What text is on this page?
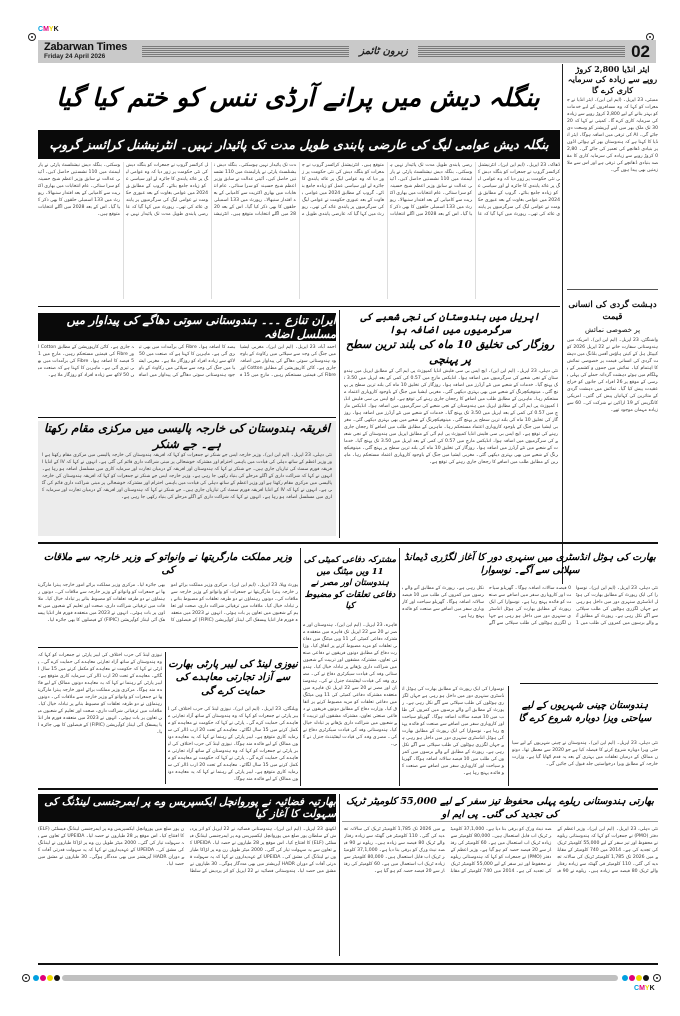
CMYK
Zabarwan Times
Friday 24 April 2026	زبرون ٹائمز	02
ایئر انڈیا 2,800 کروڑ روپے سے زیادہ کی سرمایہ کاری کرے گا
ممبئی، 23 اپریل۔ (ایم این این)۔ ایئر انڈیا نے جمعرات کو کہا کہ وہ مسافروں کے لیے خدمات کو بہتر بنانے کے لیے 2,800 کروڑ روپے سے زیادہ کی سرمایہ کاری کرے گا۔ کمپنی نے کہا کہ 2030 تک ملک بھر میں اپنے آپریشنز کو وسعت دی جائے گی۔ AI کی ترقی میں اضافہ ہوگا۔ ایئر انڈیا کا کہنا ہے کہ ہندوستان بھر کے ہوائی اڈوں پر بنیادی ڈھانچے کی تعمیر کی جائے گی۔ 2,800 کروڑ روپے سے زیادہ کی سرمایہ کاری کا مقصد بنیادی ڈھانچے کی ترقی ہے اور اس سے ملازمتیں بھی پیدا ہوں گی۔
دہشت گردی کی انسانی قیمت
پر خصوصی نمائش
واشنگٹن، 23 اپریل۔ (ایم این این)۔ امریکہ میں ہندوستانی سفارت خانے نے 22 اپریل 2026 کو کیپیٹل ہل کے کینن ہاؤس آفس بلڈنگ میں دہشت گردی کی انسانی قیمت پر خصوصی نمائش کا اہتمام کیا۔ نمائش میں جموں و کشمیر کے پہلگام میں ہوئے دہشت گردانہ حملے کی پہلی برسی کے موقع پر 26 افراد کی جانوں کو خراج عقیدت پیش کیا گیا۔ نمائش میں دہشت گردی کے متاثرین کی کہانیاں پیش کی گئیں۔ امریکی کانگریس کے 19 اراکین نے شرکت کی۔ 60 سے زیادہ مہمان موجود تھے۔
بنگلہ دیش میں پرانے آرڈی ننس کو ختم کیا گیا
بنگلہ دیش عوامی لیگ کی عارضی پابندی طویل مدت تک پائیدار نہیں۔ انٹرنیشنل کرائسز گروپ
ڈھاکہ، 23 اپریل۔ (ایم این این)۔ انٹرنیشنل کرائسز گروپ نے جمعرات کو بنگلہ دیش کی نئی حکومت پر زور دیا کہ وہ عوامی لیگ پر عائد پابندی کا جائزہ لے اور سیاسی عمل کو زیادہ جامع بنائے۔ گروپ کے مطابق 2024 میں عوامی بغاوت کے بعد عبوری حکومت نے عوامی لیگ کی سرگرمیوں پر پابندی عائد کی تھی۔ رپورٹ میں کہا گیا کہ عارضی پابندی طویل مدت تک پائیدار نہیں ہوسکتی۔ بنگلہ دیش نیشنلسٹ پارٹی نے پارلیمنٹ میں 110 نشستیں حاصل کیں۔ آئینی عدالت نے سابق وزیر اعظم شیخ حسینہ کو سزا سنائی۔ عام انتخابات میں بھاری اکثریت سے کامیابی کے بعد اقتدار سنبھالا۔ رپورٹ میں 133 اسمبلی حلقوں کا بھی ذکر کیا گیا۔ اس کے بعد 2028 میں اگلے انتخابات متوقع ہیں۔ انٹرنیشنل کرائسز گروپ نے جمعرات کو بنگلہ دیش کی نئی حکومت پر زور دیا کہ وہ عوامی لیگ پر عائد پابندی کا جائزہ لے اور سیاسی عمل کو زیادہ جامع بنائے۔ گروپ کے مطابق 2024 میں عوامی بغاوت کے بعد عبوری حکومت نے عوامی لیگ کی سرگرمیوں پر پابندی عائد کی تھی۔ رپورٹ میں کہا گیا کہ عارضی پابندی طویل مدت تک پائیدار نہیں ہوسکتی۔ بنگلہ دیش نیشنلسٹ پارٹی نے پارلیمنٹ میں 110 نشستیں حاصل کیں۔ آئینی عدالت نے سابق وزیر اعظم شیخ حسینہ کو سزا سنائی۔ عام انتخابات میں بھاری اکثریت سے کامیابی کے بعد اقتدار سنبھالا۔ رپورٹ میں 133 اسمبلی حلقوں کا بھی ذکر کیا گیا۔ اس کے بعد 2028 میں اگلے انتخابات متوقع ہیں۔ انٹرنیشنل کرائسز گروپ نے جمعرات کو بنگلہ دیش کی نئی حکومت پر زور دیا کہ وہ عوامی لیگ پر عائد پابندی کا جائزہ لے اور سیاسی عمل کو زیادہ جامع بنائے۔ گروپ کے مطابق 2024 میں عوامی بغاوت کے بعد عبوری حکومت نے عوامی لیگ کی سرگرمیوں پر پابندی عائد کی تھی۔ رپورٹ میں کہا گیا کہ عارضی پابندی طویل مدت تک پائیدار نہیں ہوسکتی۔ بنگلہ دیش نیشنلسٹ پارٹی نے پارلیمنٹ میں 110 نشستیں حاصل کیں۔ آئینی عدالت نے سابق وزیر اعظم شیخ حسینہ کو سزا سنائی۔ عام انتخابات میں بھاری اکثریت سے کامیابی کے بعد اقتدار سنبھالا۔ رپورٹ میں 133 اسمبلی حلقوں کا بھی ذکر کیا گیا۔ اس کے بعد 2028 میں اگلے انتخابات متوقع ہیں۔
ایران تنازع ۔۔۔ ہندوستانی سوتی دھاگے کی پیداوار میں مسلسل اضافہ
احمد آباد، 23 اپریل۔ (ایم این این)۔ مغربی ایشیا میں جنگ کی وجہ سے سپلائی میں رکاوٹ کے باوجود ہندوستانی سوتی دھاگے کی پیداوار میں اضافہ جاری ہے۔ کاٹن کارپوریشن کے مطابق Cotton اور Fibre کی قیمتیں مستحکم رہیں۔ مارچ میں 15 فیصد کا اضافہ ہوا۔ Fibre کی برآمدات میں بھی تیزی آئی ہے۔ ماہرین کا کہنا ہے کہ صنعت میں 50 لاکھ سے زیادہ افراد کو روزگار ملا ہے۔ مغربی ایشیا میں جنگ کی وجہ سے سپلائی میں رکاوٹ کے باوجود ہندوستانی سوتی دھاگے کی پیداوار میں اضافہ جاری ہے۔ کاٹن کارپوریشن کے مطابق Cotton اور Fibre کی قیمتیں مستحکم رہیں۔ مارچ میں 15 فیصد کا اضافہ ہوا۔ Fibre کی برآمدات میں بھی تیزی آئی ہے۔ ماہرین کا کہنا ہے کہ صنعت میں 50 لاکھ سے زیادہ افراد کو روزگار ملا ہے۔
افریقہ ہندوستان کی خارجہ پالیسی میں مرکزی مقام رکھتا ہے۔ جے شنکر
نئی دہلی، 23 اپریل۔ (ایم این این)۔ وزیر خارجہ ایس جے شنکر نے جمعرات کو کہا کہ افریقہ ہندوستان کی خارجہ پالیسی میں مرکزی مقام رکھتا ہے اور وزیر اعظم کے ساتھ دہلی کی قیادت میں باہمی احترام اور مشترکہ خوشحالی پر مبنی شراکت داری قائم کی گئی ہے۔ انہوں نے کہا کہ IV کے انڈیا افریقہ فورم سمٹ کی تیاریاں جاری ہیں۔ جے شنکر نے کہا کہ ہندوستان اور افریقہ کے درمیان تجارت اور سرمایہ کاری میں مسلسل اضافہ ہو رہا ہے۔ انہوں نے کہا کہ شراکت داری کے اگلے مرحلے کی بنیاد رکھی جا رہی ہے۔ وزیر خارجہ ایس جے شنکر نے جمعرات کو کہا کہ افریقہ ہندوستان کی خارجہ پالیسی میں مرکزی مقام رکھتا ہے اور وزیر اعظم کے ساتھ دہلی کی قیادت میں باہمی احترام اور مشترکہ خوشحالی پر مبنی شراکت داری قائم کی گئی ہے۔ انہوں نے کہا کہ IV کے انڈیا افریقہ فورم سمٹ کی تیاریاں جاری ہیں۔ جے شنکر نے کہا کہ ہندوستان اور افریقہ کے درمیان تجارت اور سرمایہ کاری میں مسلسل اضافہ ہو رہا ہے۔ انہوں نے کہا کہ شراکت داری کے اگلے مرحلے کی بنیاد رکھی جا رہی ہے۔
اپریل میں ہندوستان کی نجی شعبے کی سرگرمیوں میں اضافہ ہوا
روزگار کی تخلیق 10 ماہ کی بلند ترین سطح پر پہنچی
نئی دہلی، 23 اپریل۔ (ایم این این)۔ ایچ ایس بی سی فلیش انڈیا کمپوزٹ پی ایم آئی کے مطابق اپریل میں ہندوستان کے نجی شعبے کی سرگرمیوں میں اضافہ ہوا۔ انڈیکس مارچ میں 0.57 کی کمی کے بعد اپریل میں 3.50 تک پہنچ گیا۔ خدمات کے شعبے میں نئے آرڈرز میں اضافہ ہوا۔ روزگار کی تخلیق 10 ماہ کی بلند ترین سطح پر پہنچ گئی۔ مینوفیکچرنگ کے شعبے میں بھی بہتری دیکھی گئی۔ مغربی ایشیا میں جنگ کے باوجود کاروباری اعتماد مستحکم رہا۔ ماہرین کے مطابق طلب میں اضافے کا رجحان جاری رہنے کی توقع ہے۔ ایچ ایس بی سی فلیش انڈیا کمپوزٹ پی ایم آئی کے مطابق اپریل میں ہندوستان کے نجی شعبے کی سرگرمیوں میں اضافہ ہوا۔ انڈیکس مارچ میں 0.57 کی کمی کے بعد اپریل میں 3.50 تک پہنچ گیا۔ خدمات کے شعبے میں نئے آرڈرز میں اضافہ ہوا۔ روزگار کی تخلیق 10 ماہ کی بلند ترین سطح پر پہنچ گئی۔ مینوفیکچرنگ کے شعبے میں بھی بہتری دیکھی گئی۔ مغربی ایشیا میں جنگ کے باوجود کاروباری اعتماد مستحکم رہا۔ ماہرین کے مطابق طلب میں اضافے کا رجحان جاری رہنے کی توقع ہے۔ ایچ ایس بی سی فلیش انڈیا کمپوزٹ پی ایم آئی کے مطابق اپریل میں ہندوستان کے نجی شعبے کی سرگرمیوں میں اضافہ ہوا۔ انڈیکس مارچ میں 0.57 کی کمی کے بعد اپریل میں 3.50 تک پہنچ گیا۔ خدمات کے شعبے میں نئے آرڈرز میں اضافہ ہوا۔ روزگار کی تخلیق 10 ماہ کی بلند ترین سطح پر پہنچ گئی۔ مینوفیکچرنگ کے شعبے میں بھی بہتری دیکھی گئی۔ مغربی ایشیا میں جنگ کے باوجود کاروباری اعتماد مستحکم رہا۔ ماہرین کے مطابق طلب میں اضافے کا رجحان جاری رہنے کی توقع ہے۔
بھارت کی ہوٹل انڈسٹری میں سنہری دور کا آغاز لگژری ڈیمانڈ سپلائی سے آگے۔ نوسوارا
نئی دہلی، 23 اپریل۔ (ایم این این)۔ نوسوارا کی ایک رپورٹ کے مطابق بھارت کی ہوٹل انڈسٹری سنہری دور میں داخل ہو رہی ہے جہاں لگژری ہوٹلوں کی طلب سپلائی سے آگے نکل رہی ہے۔ رپورٹ کے مطابق آنے والے برسوں میں کمروں کی طلب میں 10 فیصد سالانہ اضافہ ہوگا۔ گھریلو سیاحت اور کاروباری سفر میں اضافے سے صنعت کو فائدہ پہنچ رہا ہے۔ نوسوارا کی ایک رپورٹ کے مطابق بھارت کی ہوٹل انڈسٹری سنہری دور میں داخل ہو رہی ہے جہاں لگژری ہوٹلوں کی طلب سپلائی سے آگے نکل رہی ہے۔ رپورٹ کے مطابق آنے والے برسوں میں کمروں کی طلب میں 10 فیصد سالانہ اضافہ ہوگا۔ گھریلو سیاحت اور کاروباری سفر میں اضافے سے صنعت کو فائدہ پہنچ رہا ہے۔
ہندوستان چینی شہریوں کے لیے سیاحتی ویزا دوبارہ شروع کرے گا
نئی دہلی، 23 اپریل۔ (ایم این این)۔ ہندوستان نے چینی شہریوں کے لیے سیاحتی ویزا دوبارہ شروع کرنے کا فیصلہ کیا ہے جو 2020 سے معطل تھا۔ دونوں ممالک کے درمیان تعلقات میں بہتری کے بعد یہ قدم اٹھایا گیا ہے۔ وزارت خارجہ کے مطابق ویزا درخواستیں جلد قبول کی جائیں گی۔
نوسوارا کی ایک رپورٹ کے مطابق بھارت کی ہوٹل انڈسٹری سنہری دور میں داخل ہو رہی ہے جہاں لگژری ہوٹلوں کی طلب سپلائی سے آگے نکل رہی ہے۔ رپورٹ کے مطابق آنے والے برسوں میں کمروں کی طلب میں 10 فیصد سالانہ اضافہ ہوگا۔ گھریلو سیاحت اور کاروباری سفر میں اضافے سے صنعت کو فائدہ پہنچ رہا ہے۔ نوسوارا کی ایک رپورٹ کے مطابق بھارت کی ہوٹل انڈسٹری سنہری دور میں داخل ہو رہی ہے جہاں لگژری ہوٹلوں کی طلب سپلائی سے آگے نکل رہی ہے۔ رپورٹ کے مطابق آنے والے برسوں میں کمروں کی طلب میں 10 فیصد سالانہ اضافہ ہوگا۔ گھریلو سیاحت اور کاروباری سفر میں اضافے سے صنعت کو فائدہ پہنچ رہا ہے۔
مشترکہ دفاعی کمیٹی کی 11 ویں میٹنگ میں ہندوستان اور مصر نے دفاعی تعلقات کو مضبوط کیا
قاہرہ، 23 اپریل۔ (ایم این این)۔ ہندوستان اور مصر نے 20 سے 22 اپریل تک قاہرہ میں منعقدہ مشترکہ دفاعی کمیٹی کی 11 ویں میٹنگ میں دفاعی تعلقات کو مزید مضبوط کرنے پر اتفاق کیا۔ وزارت دفاع کے مطابق دونوں فریقوں نے دفاعی صنعتی تعاون، مشترکہ مشقوں اور تربیت کے شعبوں میں شراکت داری بڑھانے پر تبادلہ خیال کیا۔ ہندوستانی وفد کی قیادت سیکرٹری دفاع نے کی۔ مصری وفد کی قیادت لیفٹیننٹ جنرل نے کی۔ ہندوستان اور مصر نے 20 سے 22 اپریل تک قاہرہ میں منعقدہ مشترکہ دفاعی کمیٹی کی 11 ویں میٹنگ میں دفاعی تعلقات کو مزید مضبوط کرنے پر اتفاق کیا۔ وزارت دفاع کے مطابق دونوں فریقوں نے دفاعی صنعتی تعاون، مشترکہ مشقوں اور تربیت کے شعبوں میں شراکت داری بڑھانے پر تبادلہ خیال کیا۔ ہندوستانی وفد کی قیادت سیکرٹری دفاع نے کی۔ مصری وفد کی قیادت لیفٹیننٹ جنرل نے کی۔
وزیر مملکت مارگریتھا نے وانواتو کے وزیر خارجہ سے ملاقات کی
پورٹ ویلا، 23 اپریل۔ (ایم این این)۔ مرکزی وزیر مملکت برائے امور خارجہ پبترا مارگریتھا نے جمعرات کو وانواتو کے وزیر خارجہ سے ملاقات کی۔ دونوں رہنماؤں نے دو طرفہ تعلقات کو مضبوط بنانے پر تبادلہ خیال کیا۔ ملاقات میں ترقیاتی شراکت داری، صحت اور تعلیم کے شعبوں میں تعاون پر بات ہوئی۔ انہوں نے 2023 میں منعقدہ فورم فار انڈیا پیسفک آئی لینڈز کوآپریشن (FIPIC) کے فیصلوں کا بھی جائزہ لیا۔ مرکزی وزیر مملکت برائے امور خارجہ پبترا مارگریتھا نے جمعرات کو وانواتو کے وزیر خارجہ سے ملاقات کی۔ دونوں رہنماؤں نے دو طرفہ تعلقات کو مضبوط بنانے پر تبادلہ خیال کیا۔ ملاقات میں ترقیاتی شراکت داری، صحت اور تعلیم کے شعبوں میں تعاون پر بات ہوئی۔ انہوں نے 2023 میں منعقدہ فورم فار انڈیا پیسفک آئی لینڈز کوآپریشن (FIPIC) کے فیصلوں کا بھی جائزہ لیا۔
نیوزی لینڈ کی لیبر پارٹی بھارت سے آزاد تجارتی معاہدے کی حمایت کرے گی
ویلنگٹن، 23 اپریل۔ (ایم این این)۔ نیوزی لینڈ کی حزب اختلاف کی لیبر پارٹی نے جمعرات کو کہا کہ وہ ہندوستان کے ساتھ آزاد تجارتی معاہدے کی حمایت کرے گی۔ پارٹی نے کہا کہ حکومت نے معاہدے کو مکمل کرنے میں 15 سال لگائے۔ معاہدے کے تحت 20 ارب ڈالر کی سرمایہ کاری متوقع ہے۔ لیبر پارٹی کے رہنما نے کہا کہ یہ معاہدہ دونوں ممالک کے لیے فائدہ مند ہوگا۔ نیوزی لینڈ کی حزب اختلاف کی لیبر پارٹی نے جمعرات کو کہا کہ وہ ہندوستان کے ساتھ آزاد تجارتی معاہدے کی حمایت کرے گی۔ پارٹی نے کہا کہ حکومت نے معاہدے کو مکمل کرنے میں 15 سال لگائے۔ معاہدے کے تحت 20 ارب ڈالر کی سرمایہ کاری متوقع ہے۔ لیبر پارٹی کے رہنما نے کہا کہ یہ معاہدہ دونوں ممالک کے لیے فائدہ مند ہوگا۔
نیوزی لینڈ کی حزب اختلاف کی لیبر پارٹی نے جمعرات کو کہا کہ وہ ہندوستان کے ساتھ آزاد تجارتی معاہدے کی حمایت کرے گی۔ پارٹی نے کہا کہ حکومت نے معاہدے کو مکمل کرنے میں 15 سال لگائے۔ معاہدے کے تحت 20 ارب ڈالر کی سرمایہ کاری متوقع ہے۔ لیبر پارٹی کے رہنما نے کہا کہ یہ معاہدہ دونوں ممالک کے لیے فائدہ مند ہوگا۔ مرکزی وزیر مملکت برائے امور خارجہ پبترا مارگریتھا نے جمعرات کو وانواتو کے وزیر خارجہ سے ملاقات کی۔ دونوں رہنماؤں نے دو طرفہ تعلقات کو مضبوط بنانے پر تبادلہ خیال کیا۔ ملاقات میں ترقیاتی شراکت داری، صحت اور تعلیم کے شعبوں میں تعاون پر بات ہوئی۔ انہوں نے 2023 میں منعقدہ فورم فار انڈیا پیسفک آئی لینڈز کوآپریشن (FIPIC) کے فیصلوں کا بھی جائزہ لیا۔
بھارتیہ فضائیہ نے پوروانچل ایکسپریس وے پر ایمرجنسی لینڈنگ کی سہولت کا آغاز کیا
لکھنؤ، 23 اپریل۔ (ایم این این)۔ ہندوستانی فضائیہ نے 22 اپریل کو اتر پردیش کے سلطان پور ضلع میں پوروانچل ایکسپریس وے پر ایمرجنسی لینڈنگ فیسلٹی (ELF) کا افتتاح کیا۔ اس موقع پر 28 طیاروں نے حصہ لیا۔ UPEIDA کے تعاون سے یہ سہولت تیار کی گئی۔ 2000 میٹر طویل رن وے پر لڑاکا طیاروں نے لینڈنگ کی مشق کی۔ UPEIDA کے عہدیداروں نے کہا کہ یہ سہولت قدرتی آفات کے دوران HADR آپریشنز میں بھی مددگار ہوگی۔ 30 طیاروں نے مشق میں حصہ لیا۔ ہندوستانی فضائیہ نے 22 اپریل کو اتر پردیش کے سلطان پور ضلع میں پوروانچل ایکسپریس وے پر ایمرجنسی لینڈنگ فیسلٹی (ELF) کا افتتاح کیا۔ اس موقع پر 28 طیاروں نے حصہ لیا۔ UPEIDA کے تعاون سے یہ سہولت تیار کی گئی۔ 2000 میٹر طویل رن وے پر لڑاکا طیاروں نے لینڈنگ کی مشق کی۔ UPEIDA کے عہدیداروں نے کہا کہ یہ سہولت قدرتی آفات کے دوران HADR آپریشنز میں بھی مددگار ہوگی۔ 30 طیاروں نے مشق میں حصہ لیا۔
بھارتی ہندوستانی ریلوے پہلی محفوظ تیز سفر کے لیے 55,000 کلومیٹر ٹریک کی تجدید کی گئی۔ پی ایم او
نئی دہلی، 23 اپریل۔ (ایم این این)۔ وزیر اعظم کے دفتر (PMO) نے جمعرات کو کہا کہ ہندوستانی ریلوے نے محفوظ اور تیز سفر کے لیے 55,000 کلومیٹر ٹریک کی تجدید کی ہے۔ 2014 میں 740 کلومیٹر کے مقابلے میں 2026 تک 1,785 کلومیٹر ٹریک کی سالانہ تجدید کی گئی۔ 110 کلومیٹر فی گھنٹہ سے زیادہ رفتار والے ٹریک 80 فیصد سے زیادہ ہیں۔ ریلوے نے 90 فیصد نیٹ ورک کو برقی بنا دیا ہے۔ 37,1,000 کلومیٹر ٹریک اب قابل استعمال ہیں۔ 80,000 کلومیٹر سے زیادہ ٹریک اب استعمال میں ہے۔ 60 کلومیٹر کی رفتار سے 20 فیصد حصہ کم ہو گیا ہے۔ وزیر اعظم کے دفتر (PMO) نے جمعرات کو کہا کہ ہندوستانی ریلوے نے محفوظ اور تیز سفر کے لیے 55,000 کلومیٹر ٹریک کی تجدید کی ہے۔ 2014 میں 740 کلومیٹر کے مقابلے میں 2026 تک 1,785 کلومیٹر ٹریک کی سالانہ تجدید کی گئی۔ 110 کلومیٹر فی گھنٹہ سے زیادہ رفتار والے ٹریک 80 فیصد سے زیادہ ہیں۔ ریلوے نے 90 فیصد نیٹ ورک کو برقی بنا دیا ہے۔ 37,1,000 کلومیٹر ٹریک اب قابل استعمال ہیں۔ 80,000 کلومیٹر سے زیادہ ٹریک اب استعمال میں ہے۔ 60 کلومیٹر کی رفتار سے 20 فیصد حصہ کم ہو گیا ہے۔
CMYK
